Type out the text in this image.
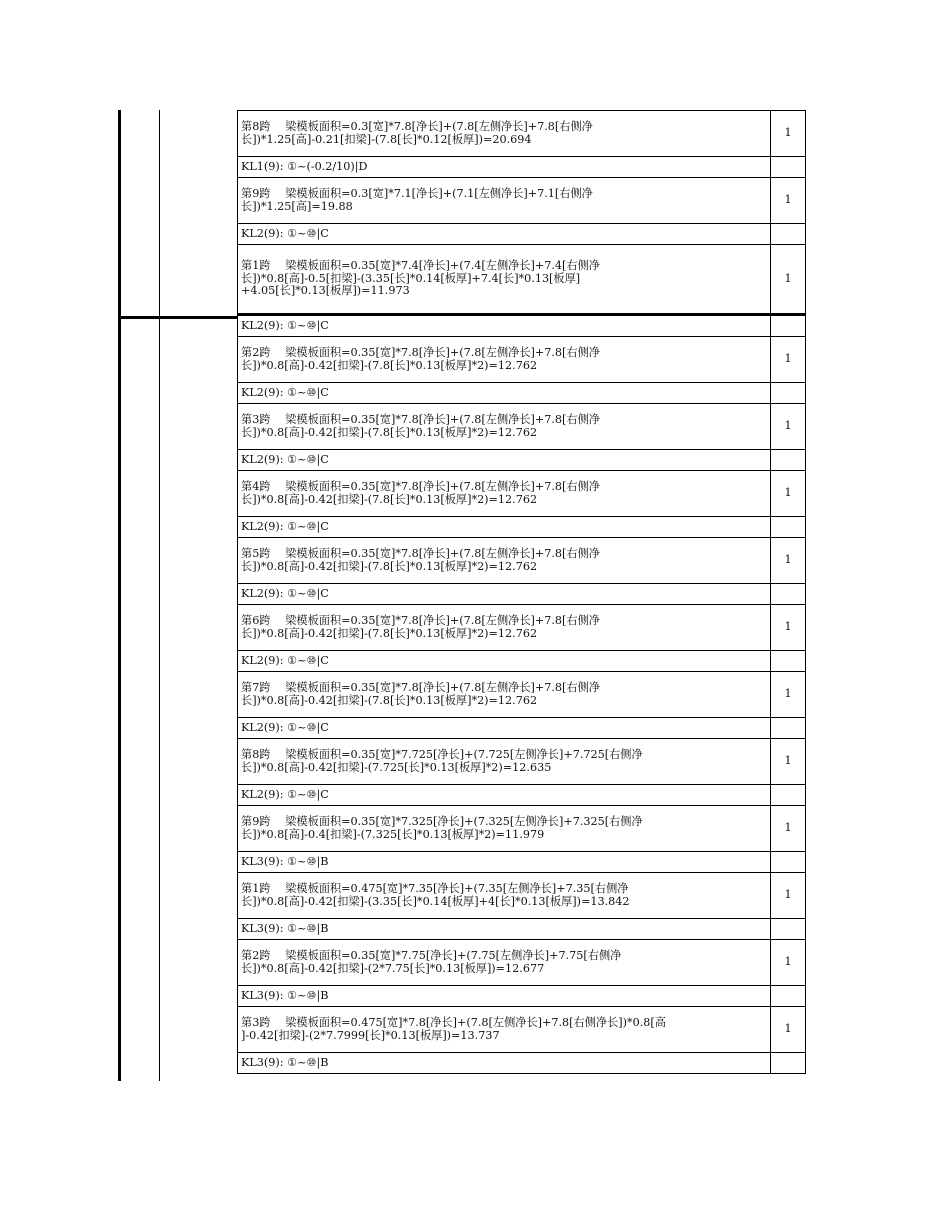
第8跨　 梁模板面积=0.3[宽]*7.8[净长]+(7.8[左侧净长]+7.8[右侧净
长])*1.25[高]-0.21[扣梁]-(7.8[长]*0.12[板厚])=20.694	1
KL1(9): ①~(-0.2/10)|D	

第9跨　 梁模板面积=0.3[宽]*7.1[净长]+(7.1[左侧净长]+7.1[右侧净
长])*1.25[高]=19.88	1
KL2(9): ①~⑩|C	

第1跨　 梁模板面积=0.35[宽]*7.4[净长]+(7.4[左侧净长]+7.4[右侧净
长])*0.8[高]-0.5[扣梁]-(3.35[长]*0.14[板厚]+7.4[长]*0.13[板厚]
+4.05[长]*0.13[板厚])=11.973	1
KL2(9): ①~⑩|C	

第2跨　 梁模板面积=0.35[宽]*7.8[净长]+(7.8[左侧净长]+7.8[右侧净
长])*0.8[高]-0.42[扣梁]-(7.8[长]*0.13[板厚]*2)=12.762	1
KL2(9): ①~⑩|C	

第3跨　 梁模板面积=0.35[宽]*7.8[净长]+(7.8[左侧净长]+7.8[右侧净
长])*0.8[高]-0.42[扣梁]-(7.8[长]*0.13[板厚]*2)=12.762	1
KL2(9): ①~⑩|C	

第4跨　 梁模板面积=0.35[宽]*7.8[净长]+(7.8[左侧净长]+7.8[右侧净
长])*0.8[高]-0.42[扣梁]-(7.8[长]*0.13[板厚]*2)=12.762	1
KL2(9): ①~⑩|C	

第5跨　 梁模板面积=0.35[宽]*7.8[净长]+(7.8[左侧净长]+7.8[右侧净
长])*0.8[高]-0.42[扣梁]-(7.8[长]*0.13[板厚]*2)=12.762	1
KL2(9): ①~⑩|C	

第6跨　 梁模板面积=0.35[宽]*7.8[净长]+(7.8[左侧净长]+7.8[右侧净
长])*0.8[高]-0.42[扣梁]-(7.8[长]*0.13[板厚]*2)=12.762	1
KL2(9): ①~⑩|C	

第7跨　 梁模板面积=0.35[宽]*7.8[净长]+(7.8[左侧净长]+7.8[右侧净
长])*0.8[高]-0.42[扣梁]-(7.8[长]*0.13[板厚]*2)=12.762	1
KL2(9): ①~⑩|C	

第8跨　 梁模板面积=0.35[宽]*7.725[净长]+(7.725[左侧净长]+7.725[右侧净
长])*0.8[高]-0.42[扣梁]-(7.725[长]*0.13[板厚]*2)=12.635	1
KL2(9): ①~⑩|C	

第9跨　 梁模板面积=0.35[宽]*7.325[净长]+(7.325[左侧净长]+7.325[右侧净
长])*0.8[高]-0.4[扣梁]-(7.325[长]*0.13[板厚]*2)=11.979	1
KL3(9): ①~⑩|B	

第1跨　 梁模板面积=0.475[宽]*7.35[净长]+(7.35[左侧净长]+7.35[右侧净
长])*0.8[高]-0.42[扣梁]-(3.35[长]*0.14[板厚]+4[长]*0.13[板厚])=13.842	1
KL3(9): ①~⑩|B	

第2跨　 梁模板面积=0.35[宽]*7.75[净长]+(7.75[左侧净长]+7.75[右侧净
长])*0.8[高]-0.42[扣梁]-(2*7.75[长]*0.13[板厚])=12.677	1
KL3(9): ①~⑩|B	

第3跨　 梁模板面积=0.475[宽]*7.8[净长]+(7.8[左侧净长]+7.8[右侧净长])*0.8[高
]-0.42[扣梁]-(2*7.7999[长]*0.13[板厚])=13.737	1
KL3(9): ①~⑩|B	
